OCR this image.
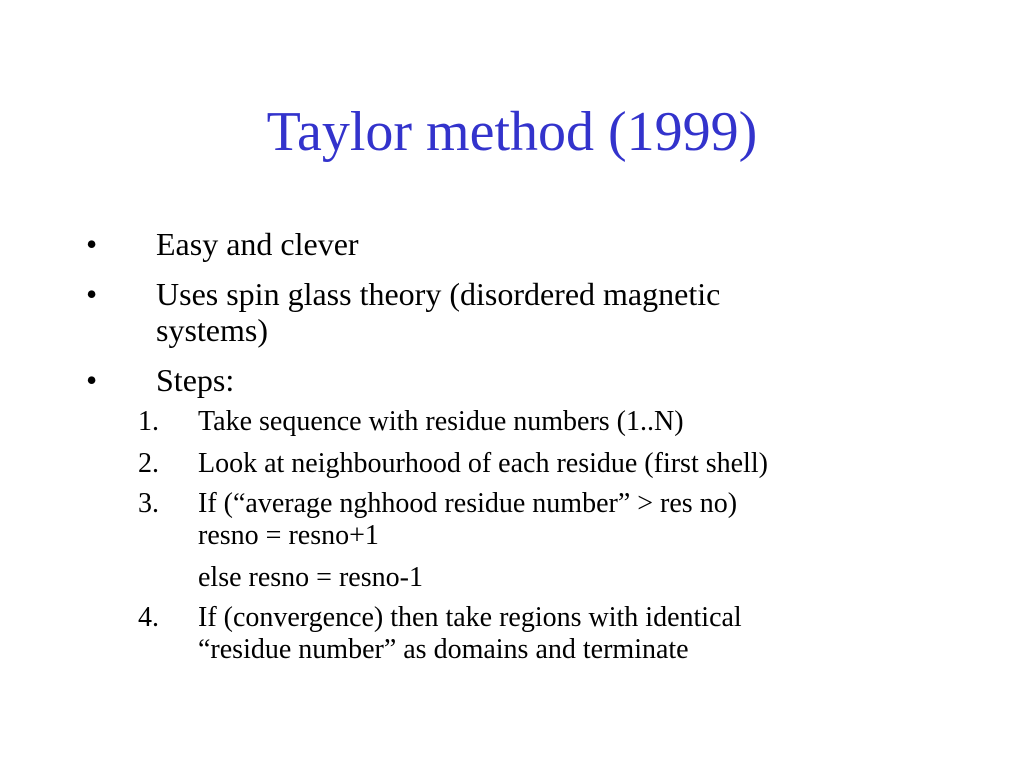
Taylor method (1999)
• Easy and clever
• Uses spin glass theory (disordered magnetic
systems)
• Steps:
1. Take sequence with residue numbers (1..N)
2. Look at neighbourhood of each residue (first shell)
3. If (“average nghhood residue number” > res no)
resno = resno+1
else resno = resno-1
4. If (convergence) then take regions with identical
“residue number” as domains and terminate
